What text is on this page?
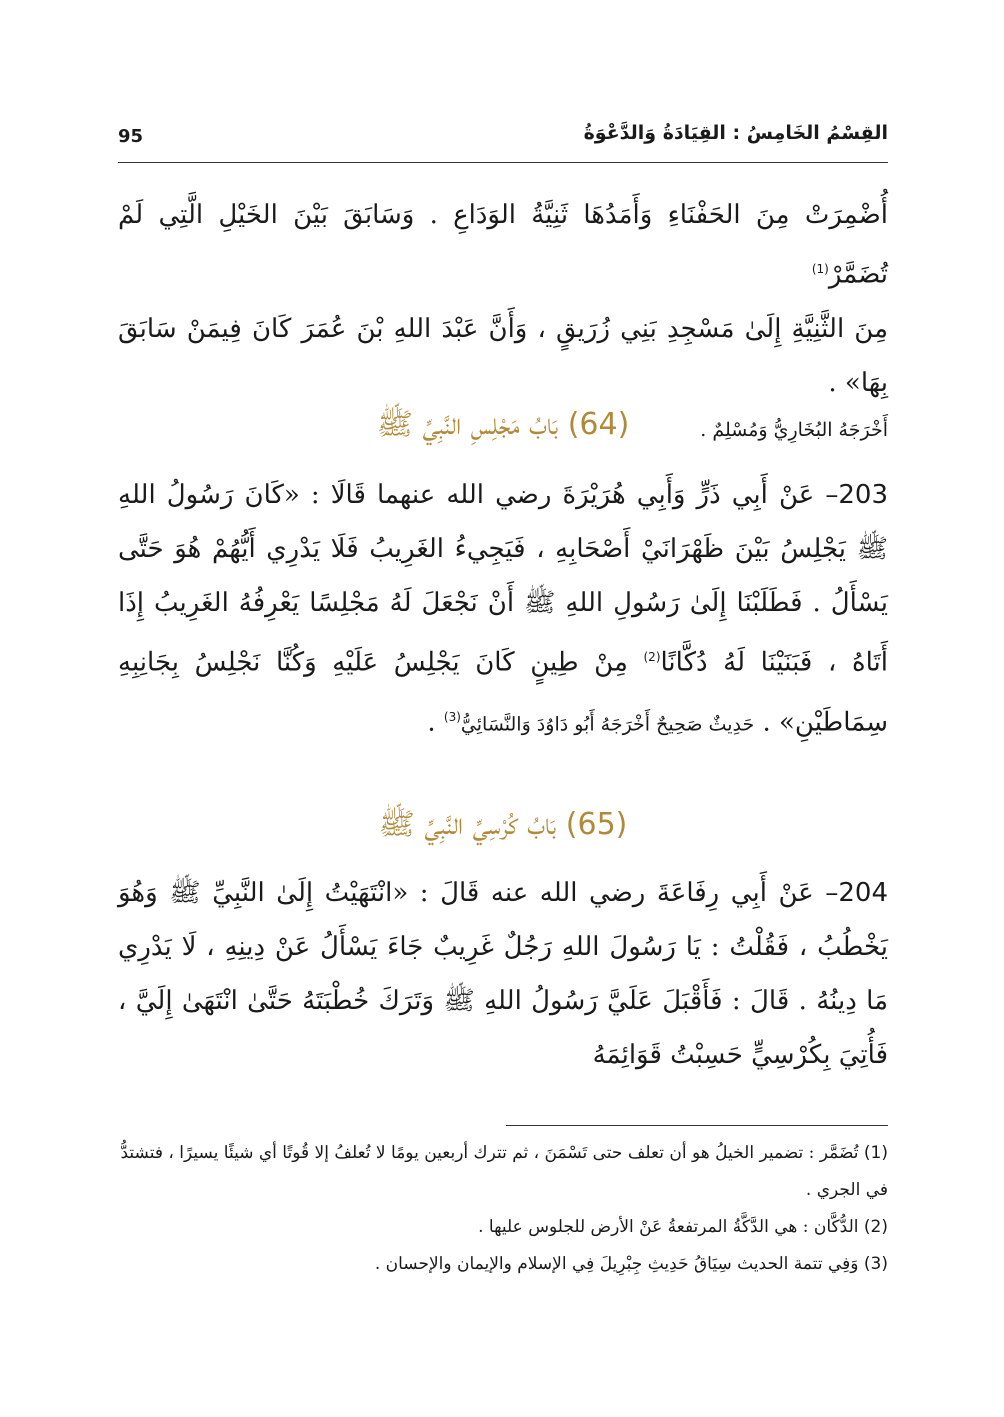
95	القِسْمُ الخَامِسُ : القِيَادَةُ وَالدَّعْوَةُ
أُضْمِرَتْ مِنَ الحَفْنَاءِ وَأَمَدُهَا ثَنِيَّةُ الوَدَاعِ . وَسَابَقَ بَيْنَ الخَيْلِ الَّتِي لَمْ تُضَمَّرْ$^{(1)}$
مِنَ الثَّنِيَّةِ إِلَىٰ مَسْجِدِ بَنِي زُرَيقٍ ، وَأَنَّ عَبْدَ اللهِ بْنَ عُمَرَ كَانَ فِيمَنْ سَابَقَ بِهَا» .
أَخْرَجَهُ البُخَارِيُّ وَمُسْلِمٌ .
(64) بَابُ مَجْلِسِ النَّبِيِّ ﷺ
203– عَنْ أَبِي ذَرٍّ وَأَبِي هُرَيْرَةَ رضي الله عنهما قَالَا : «كَانَ رَسُولُ اللهِ ﷺ يَجْلِسُ بَيْنَ ظَهْرَانَيْ أَصْحَابِهِ ، فَيَجِيءُ الغَرِيبُ فَلَا يَدْرِي أَيُّهُمْ هُوَ حَتَّى يَسْأَلُ . فَطَلَبْنَا إِلَىٰ رَسُولِ اللهِ ﷺ أَنْ نَجْعَلَ لَهُ مَجْلِسًا يَعْرِفُهُ الغَرِيبُ إِذَا أَتَاهُ ، فَبَنَيْنَا لَهُ دُكَّانًا$^{(2)}$ مِنْ طِينٍ كَانَ يَجْلِسُ عَلَيْهِ وَكُنَّا نَجْلِسُ بِجَانِبِهِ سِمَاطَيْنِ» . حَدِيثٌ صَحِيحٌ أَخْرَجَهُ أَبُو دَاوُدَ وَالنَّسَائِيُّ$^{(3)}$ .
(65) بَابُ كُرْسِيِّ النَّبِيِّ ﷺ
204– عَنْ أَبِي رِفَاعَةَ رضي الله عنه قَالَ : «انْتَهَيْتُ إِلَىٰ النَّبِيِّ ﷺ وَهُوَ يَخْطُبُ ، فَقُلْتُ : يَا رَسُولَ اللهِ رَجُلٌ غَرِيبٌ جَاءَ يَسْأَلُ عَنْ دِينِهِ ، لَا يَدْرِي مَا دِينُهُ . قَالَ : فَأَقْبَلَ عَلَيَّ رَسُولُ اللهِ ﷺ وَتَرَكَ خُطْبَتَهُ حَتَّىٰ انْتَهَىٰ إِلَيَّ ، فَأُتِيَ بِكُرْسِيٍّ حَسِبْتُ قَوَائِمَهُ

(1) تُضَمَّر : تضمير الخيلُ هو أن تعلف حتى تَسْمَنَ ، ثم تترك أربعين يومًا لا تُعلفُ إلا قُوتًا أي شيئًا يسيرًا ، فتشتدُّ في الجري .

(2) الدُّكَّان : هي الدَّكَّةُ المرتفعةُ عَنْ الأرض للجلوس عليها .

(3) وَفِي تتمة الحديث سِيَاقُ حَدِيثِ جِبْرِيلَ فِي الإسلام والإيمان والإحسان .
